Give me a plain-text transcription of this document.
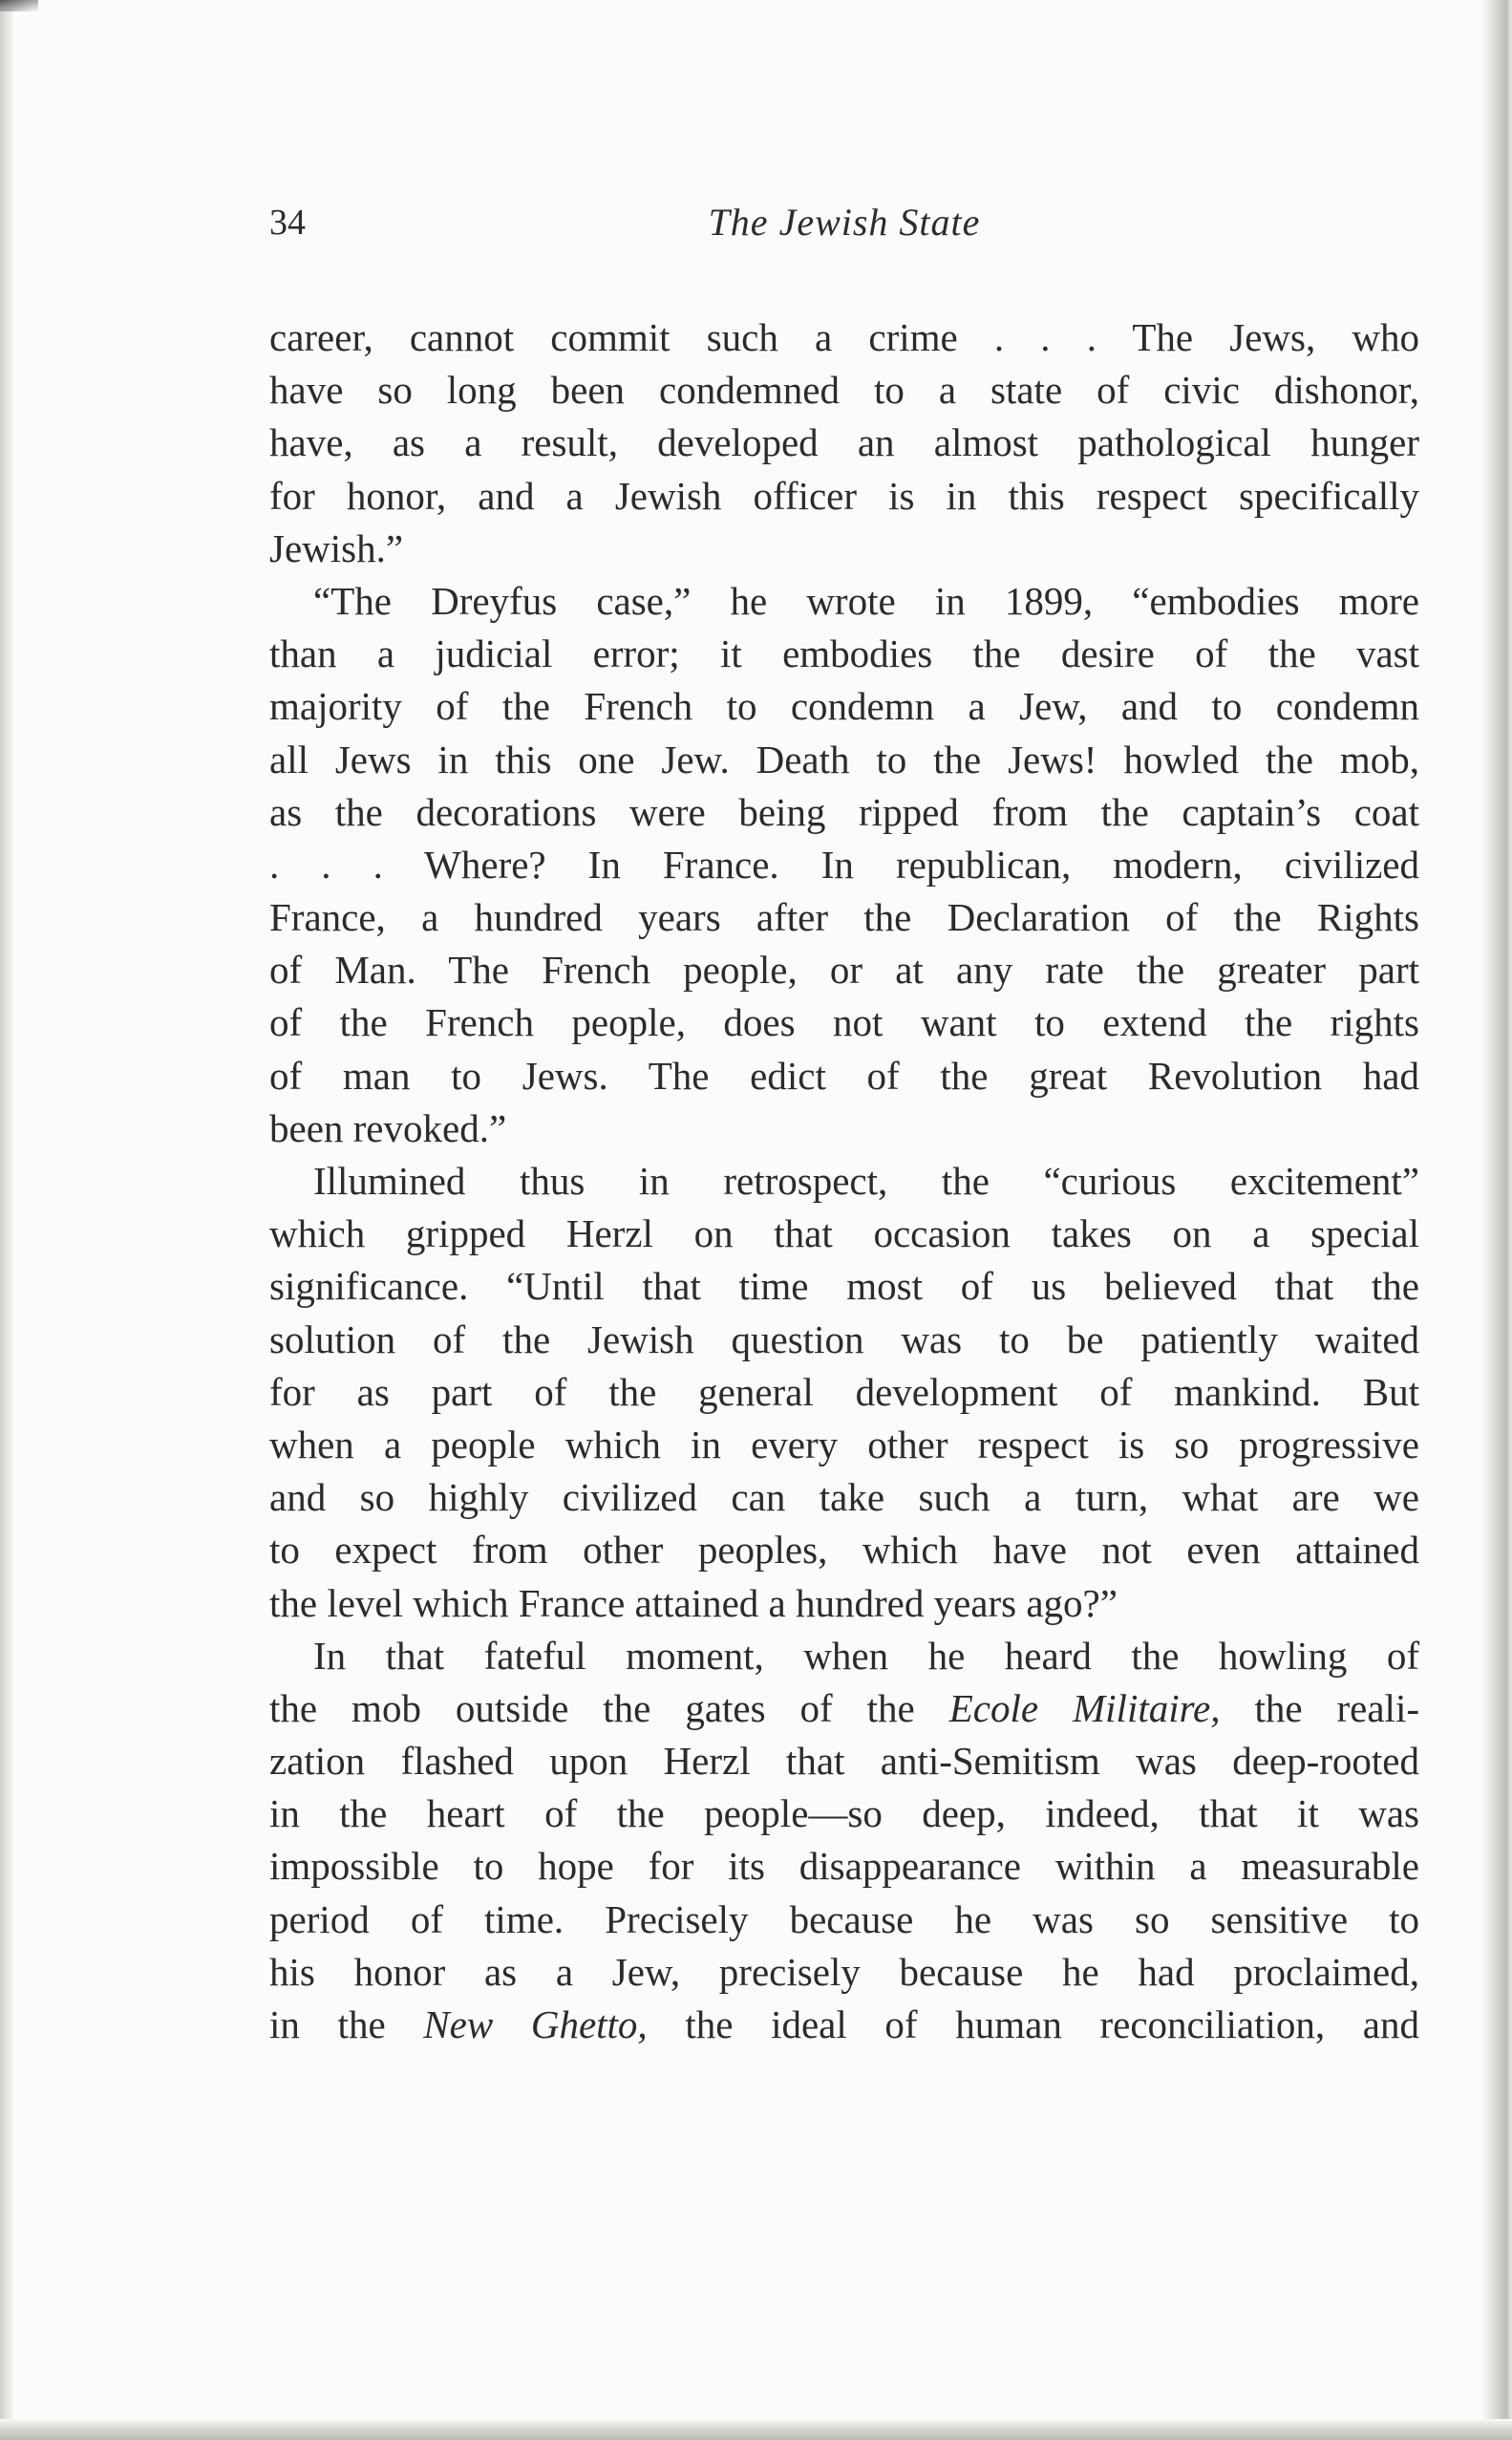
34	The Jewish State
career, cannot commit such a crime . . . The Jews, who
have so long been condemned to a state of civic dishonor,
have, as a result, developed an almost pathological hunger
for honor, and a Jewish officer is in this respect specifically
Jewish.”
“The Dreyfus case,” he wrote in 1899, “embodies more
than a judicial error; it embodies the desire of the vast
majority of the French to condemn a Jew, and to condemn
all Jews in this one Jew. Death to the Jews! howled the mob,
as the decorations were being ripped from the captain’s coat
. . . Where? In France. In republican, modern, civilized
France, a hundred years after the Declaration of the Rights
of Man. The French people, or at any rate the greater part
of the French people, does not want to extend the rights
of man to Jews. The edict of the great Revolution had
been revoked.”
Illumined thus in retrospect, the “curious excitement”
which gripped Herzl on that occasion takes on a special
significance. “Until that time most of us believed that the
solution of the Jewish question was to be patiently waited
for as part of the general development of mankind. But
when a people which in every other respect is so progressive
and so highly civilized can take such a turn, what are we
to expect from other peoples, which have not even attained
the level which France attained a hundred years ago?”
In that fateful moment, when he heard the howling of
the mob outside the gates of the Ecole Militaire, the reali-
zation flashed upon Herzl that anti-Semitism was deep-rooted
in the heart of the people—so deep, indeed, that it was
impossible to hope for its disappearance within a measurable
period of time. Precisely because he was so sensitive to
his honor as a Jew, precisely because he had proclaimed,
in the New Ghetto, the ideal of human reconciliation, and
